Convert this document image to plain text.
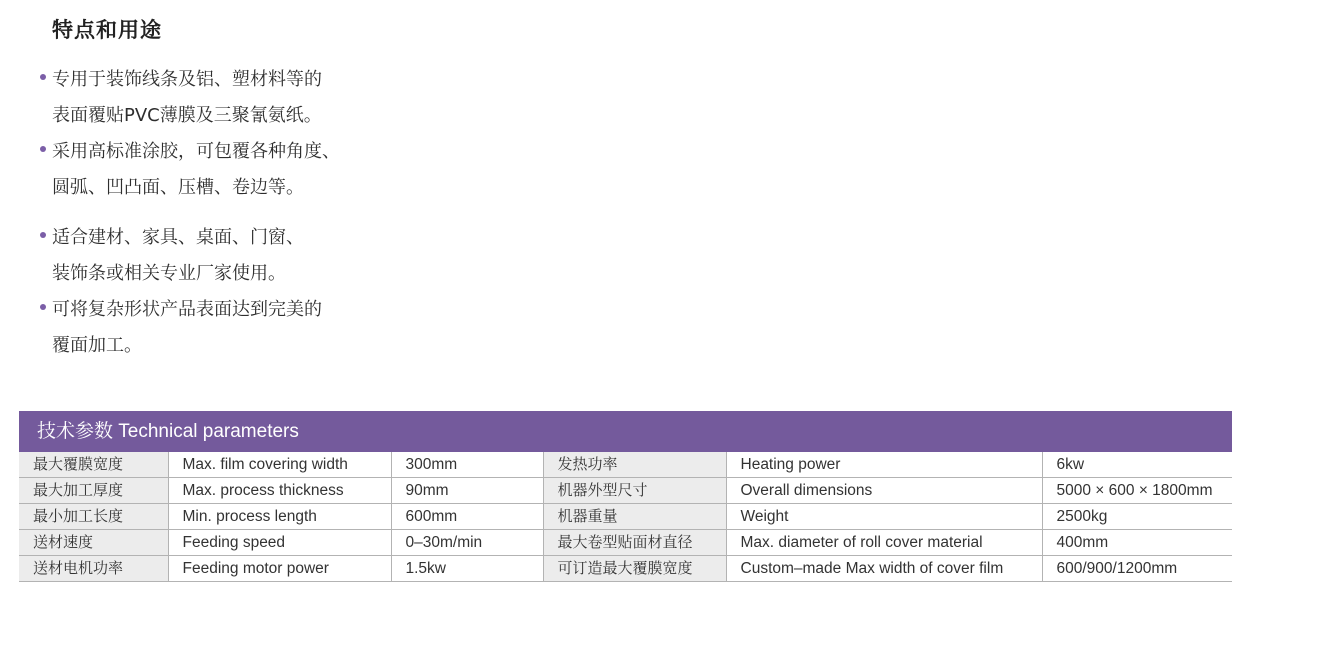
特点和用途
专用于装饰线条及铝、塑材料等的
表面覆贴PVC薄膜及三聚氰氨纸。
采用高标准涂胶，可包覆各种角度、
圆弧、凹凸面、压槽、卷边等。
适合建材、家具、桌面、门窗、
装饰条或相关专业厂家使用。
可将复杂形状产品表面达到完美的
覆面加工。
技术参数 Technical parameters
最大覆膜宽度	Max. film covering width	300mm	发热功率	Heating power	6kw
最大加工厚度	Max. process thickness	90mm	机器外型尺寸	Overall dimensions	5000 × 600 × 1800mm
最小加工长度	Min. process length	600mm	机器重量	Weight	2500kg
送材速度	Feeding speed	0–30m/min	最大卷型贴面材直径	Max. diameter of roll cover material	400mm
送材电机功率	Feeding motor power	1.5kw	可订造最大覆膜宽度	Custom–made Max width of cover film	600/900/1200mm
